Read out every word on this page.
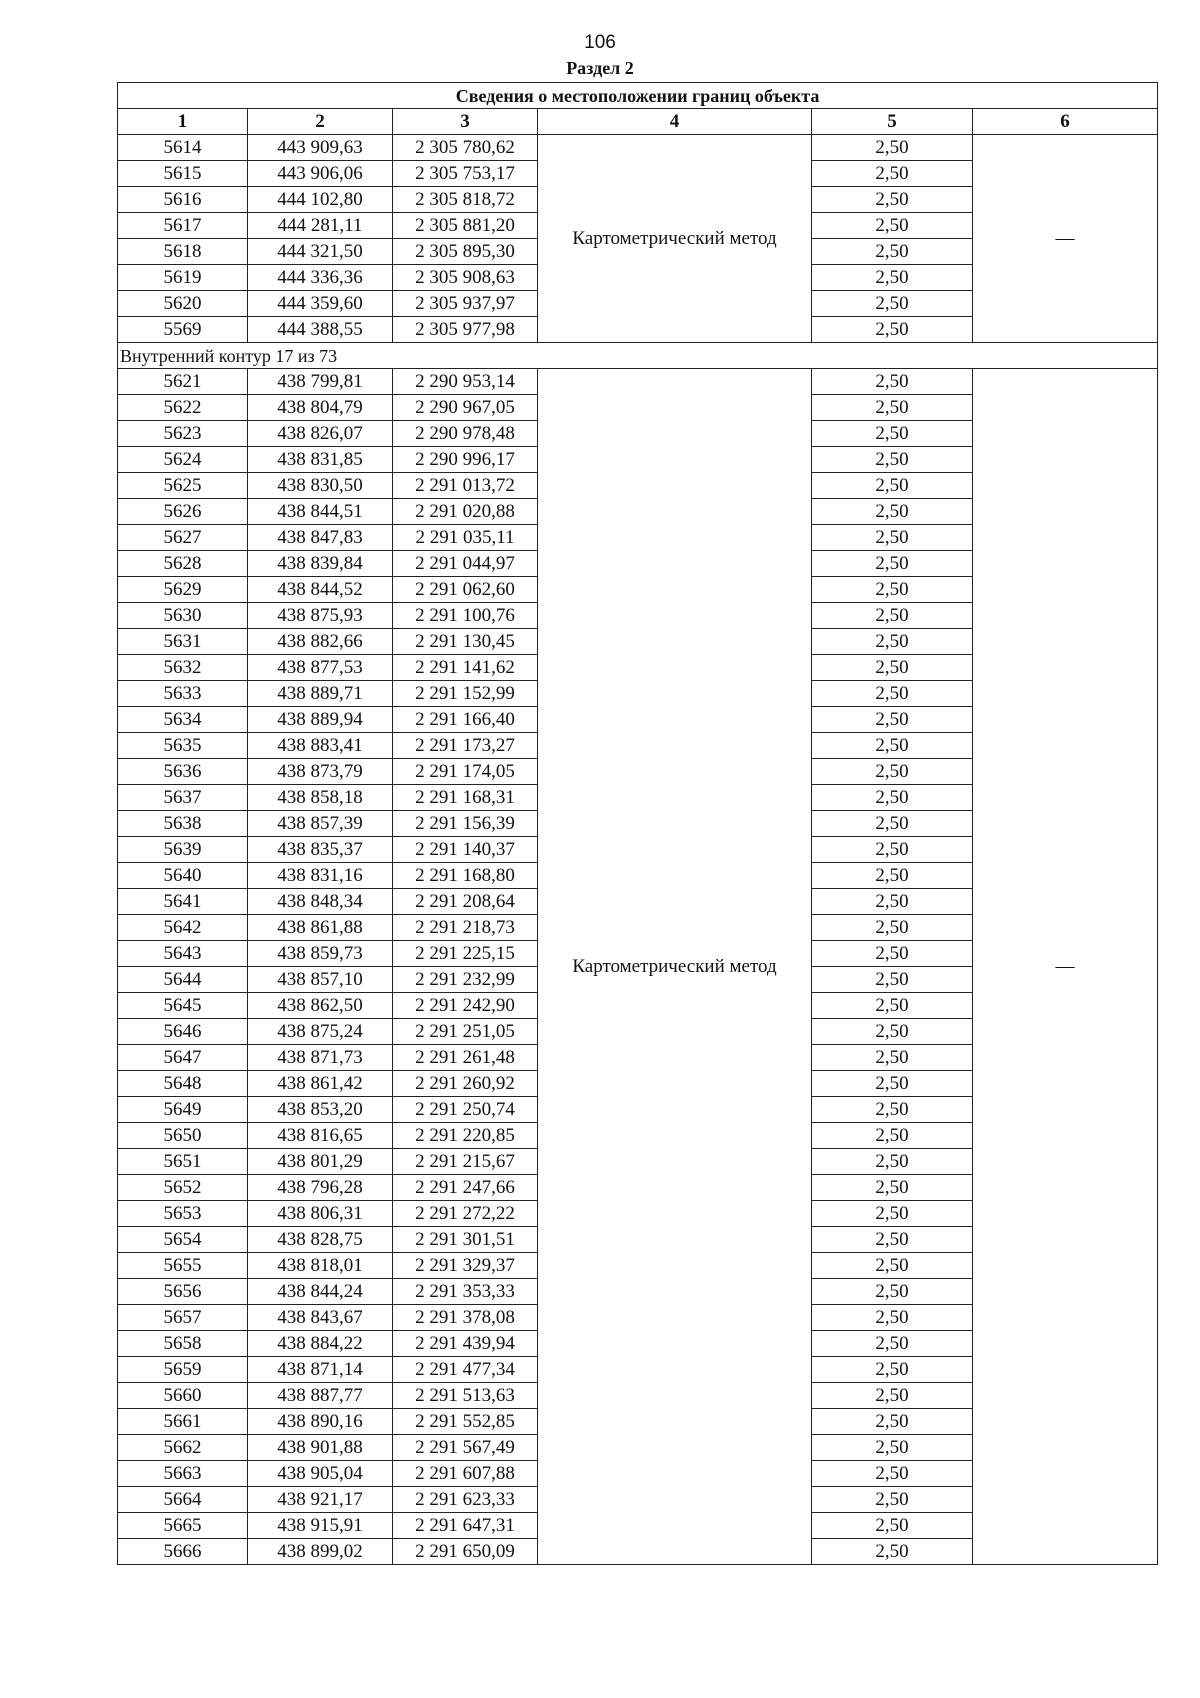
106
Раздел 2
Сведения о местоположении границ объекта					
1	2	3	4	5	6
5614	443 909,63	2 305 780,62	Картометрический метод	2,50	—
5615	443 906,06	2 305 753,17		2,50	
5616	444 102,80	2 305 818,72		2,50	
5617	444 281,11	2 305 881,20		2,50	
5618	444 321,50	2 305 895,30		2,50	
5619	444 336,36	2 305 908,63		2,50	
5620	444 359,60	2 305 937,97		2,50	
5569	444 388,55	2 305 977,98		2,50	
Внутренний контур 17 из 73					
5621	438 799,81	2 290 953,14	Картометрический метод	2,50	—
5622	438 804,79	2 290 967,05		2,50	
5623	438 826,07	2 290 978,48		2,50	
5624	438 831,85	2 290 996,17		2,50	
5625	438 830,50	2 291 013,72		2,50	
5626	438 844,51	2 291 020,88		2,50	
5627	438 847,83	2 291 035,11		2,50	
5628	438 839,84	2 291 044,97		2,50	
5629	438 844,52	2 291 062,60		2,50	
5630	438 875,93	2 291 100,76		2,50	
5631	438 882,66	2 291 130,45		2,50	
5632	438 877,53	2 291 141,62		2,50	
5633	438 889,71	2 291 152,99		2,50	
5634	438 889,94	2 291 166,40		2,50	
5635	438 883,41	2 291 173,27		2,50	
5636	438 873,79	2 291 174,05		2,50	
5637	438 858,18	2 291 168,31		2,50	
5638	438 857,39	2 291 156,39		2,50	
5639	438 835,37	2 291 140,37		2,50	
5640	438 831,16	2 291 168,80		2,50	
5641	438 848,34	2 291 208,64		2,50	
5642	438 861,88	2 291 218,73		2,50	
5643	438 859,73	2 291 225,15		2,50	
5644	438 857,10	2 291 232,99		2,50	
5645	438 862,50	2 291 242,90		2,50	
5646	438 875,24	2 291 251,05		2,50	
5647	438 871,73	2 291 261,48		2,50	
5648	438 861,42	2 291 260,92		2,50	
5649	438 853,20	2 291 250,74		2,50	
5650	438 816,65	2 291 220,85		2,50	
5651	438 801,29	2 291 215,67		2,50	
5652	438 796,28	2 291 247,66		2,50	
5653	438 806,31	2 291 272,22		2,50	
5654	438 828,75	2 291 301,51		2,50	
5655	438 818,01	2 291 329,37		2,50	
5656	438 844,24	2 291 353,33		2,50	
5657	438 843,67	2 291 378,08		2,50	
5658	438 884,22	2 291 439,94		2,50	
5659	438 871,14	2 291 477,34		2,50	
5660	438 887,77	2 291 513,63		2,50	
5661	438 890,16	2 291 552,85		2,50	
5662	438 901,88	2 291 567,49		2,50	
5663	438 905,04	2 291 607,88		2,50	
5664	438 921,17	2 291 623,33		2,50	
5665	438 915,91	2 291 647,31		2,50	
5666	438 899,02	2 291 650,09		2,50	
